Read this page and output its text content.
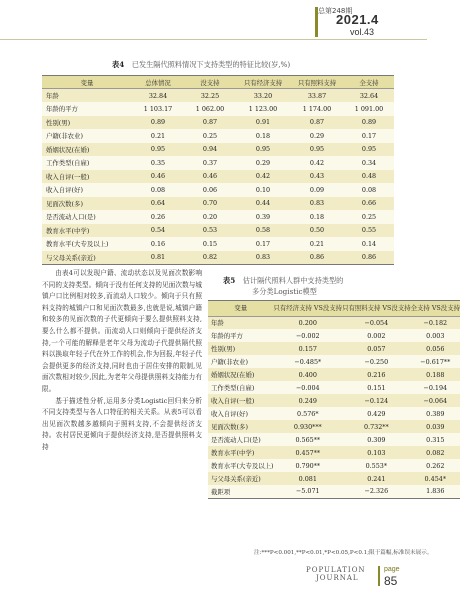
总第248期
2021.4
vol.43
表4 已发生隔代照料情况下支持类型的特征比较(岁,%)
变量	总体情况	没支持	只有经济支持	只有照料支持	全支持
年龄	32.84	32.25	33.20	33.87	32.64
年龄的平方	1 103.17	1 062.00	1 123.00	1 174.00	1 091.00
性别(男)	0.89	0.87	0.91	0.87	0.89
户籍(非农业)	0.21	0.25	0.18	0.29	0.17
婚姻状况(在婚)	0.95	0.94	0.95	0.95	0.95
工作类型(自雇)	0.35	0.37	0.29	0.42	0.34
收入自评(一般)	0.46	0.46	0.42	0.43	0.48
收入自评(好)	0.08	0.06	0.10	0.09	0.08
见面次数(多)	0.64	0.70	0.44	0.83	0.66
是否流动人口(是)	0.26	0.20	0.39	0.18	0.25
教育水平(中学)	0.54	0.53	0.58	0.50	0.55
教育水平(大专及以上)	0.16	0.15	0.17	0.21	0.14
与父母关系(亲近)	0.81	0.82	0.83	0.86	0.86

由表4可以发现户籍、流动状态以及见面次数影响不同的支持类型。倾向于没有任何支持的见面次数与城镇户口比例相对较多,而流动人口较少。倾向于只有照料支持的城镇户口和见面次数最多,也就是说,城镇户籍和较多的见面次数的子代更倾向于要么提供照料支持,要么什么都不提供。而流动人口则倾向于提供经济支持,一个可能的解释是老年父母为流动子代提供隔代照料以换取年轻子代在外工作的机会,作为回报,年轻子代会提供更多的经济支持,同时也由于居住安排的限制,见面次数相对较少,因此,为老年父母提供照料支持能力有限。

基于描述性分析,运用多分类Logistic回归来分析不同支持类型与各人口特征的相关关系。从表5可以看出见面次数越多越倾向于照料支持,不会提供经济支持。农村居民更倾向于提供经济支持,是否提供照料支持

表5 估计隔代照料人群中支持类型的
多分类Logistic模型
变量	只有经济支持 VS没支持	只有照料支持 VS没支持	全支持 VS没支持
年龄	0.200	−0.054	−0.182
年龄的平方	−0.002	0.002	0.003
性别(男)	0.157	0.057	0.056
户籍(非农业)	−0.485*	−0.250	−0.617**
婚姻状况(在婚)	0.400	0.216	0.188
工作类型(自雇)	−0.004	0.151	−0.194
收入自评(一般)	0.249	−0.124	−0.064
收入自评(好)	0.576*	0.429	0.389
见面次数(多)	0.930***	0.732**	0.039
是否流动人口(是)	0.565**	0.309	0.315
教育水平(中学)	0.457**	0.103	0.082
教育水平(大专及以上)	0.790**	0.553*	0.262
与父母关系(亲近)	0.081	0.241	0.454*
截距项	−5.071	−2.326	1.836
注:***P<0.001,**P<0.01,*P<0.05,P<0.1;限于篇幅,标准误未展示。
POPULATION
JOURNAL
page
85
